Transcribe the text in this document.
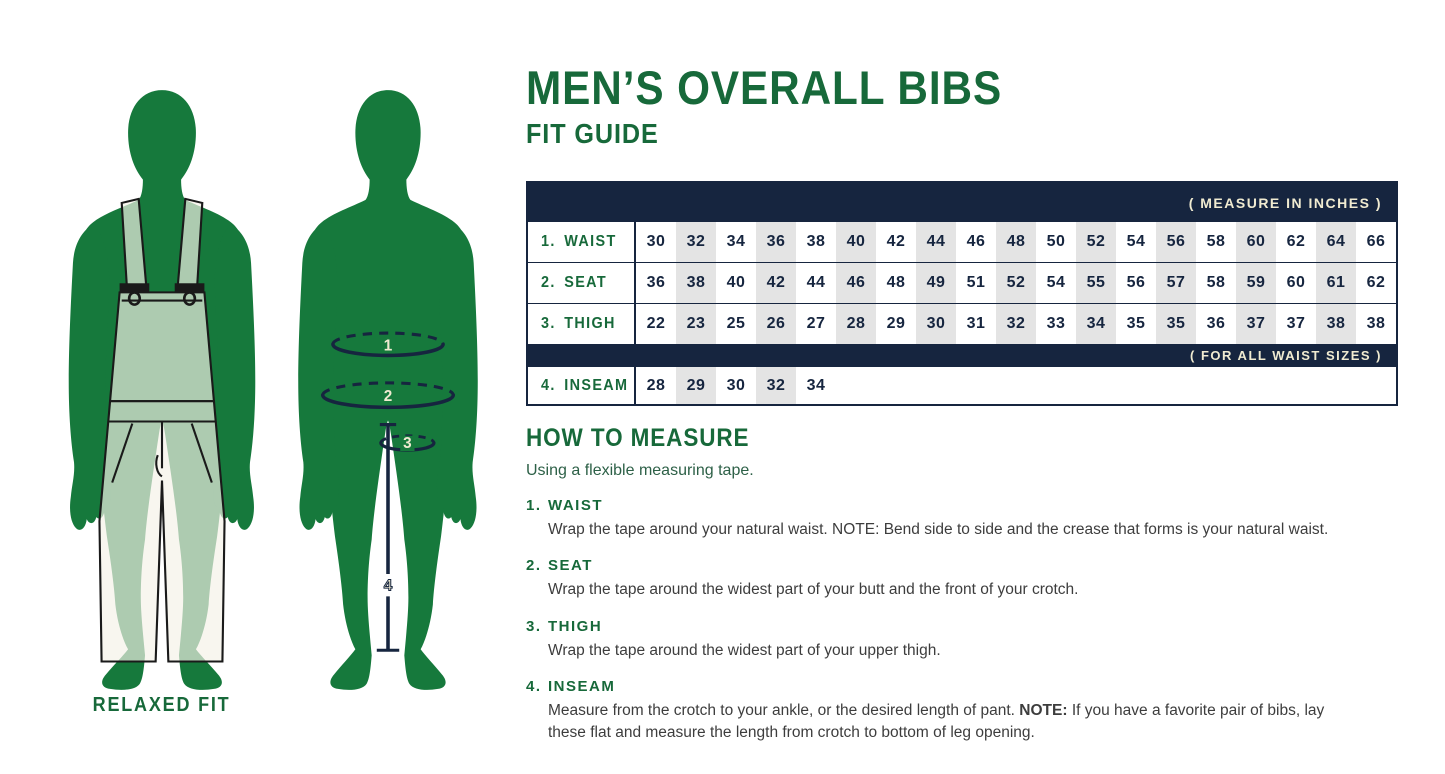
1
2
3
4
RELAXED FIT
MEN’S OVERALL BIBS
FIT GUIDE
( MEASURE IN INCHES )
1. WAIST	30	32	34	36	38	40	42	44	46	48	50	52	54	56	58	60	62	64	66
2. SEAT	36	38	40	42	44	46	48	49	51	52	54	55	56	57	58	59	60	61	62
3. THIGH	22	23	25	26	27	28	29	30	31	32	33	34	35	35	36	37	37	38	38
( FOR ALL WAIST SIZES )
4. INSEAM	28	29	30	32	34
HOW TO MEASURE
Using a flexible measuring tape.
1. WAIST
Wrap the tape around your natural waist. NOTE: Bend side to side and the crease that forms is your natural waist.
2. SEAT
Wrap the tape around the widest part of your butt and the front of your crotch.
3. THIGH
Wrap the tape around the widest part of your upper thigh.
4. INSEAM
Measure from the crotch to your ankle, or the desired length of pant. NOTE: If you have a favorite pair of bibs, lay these flat and measure the length from crotch to bottom of leg opening.
